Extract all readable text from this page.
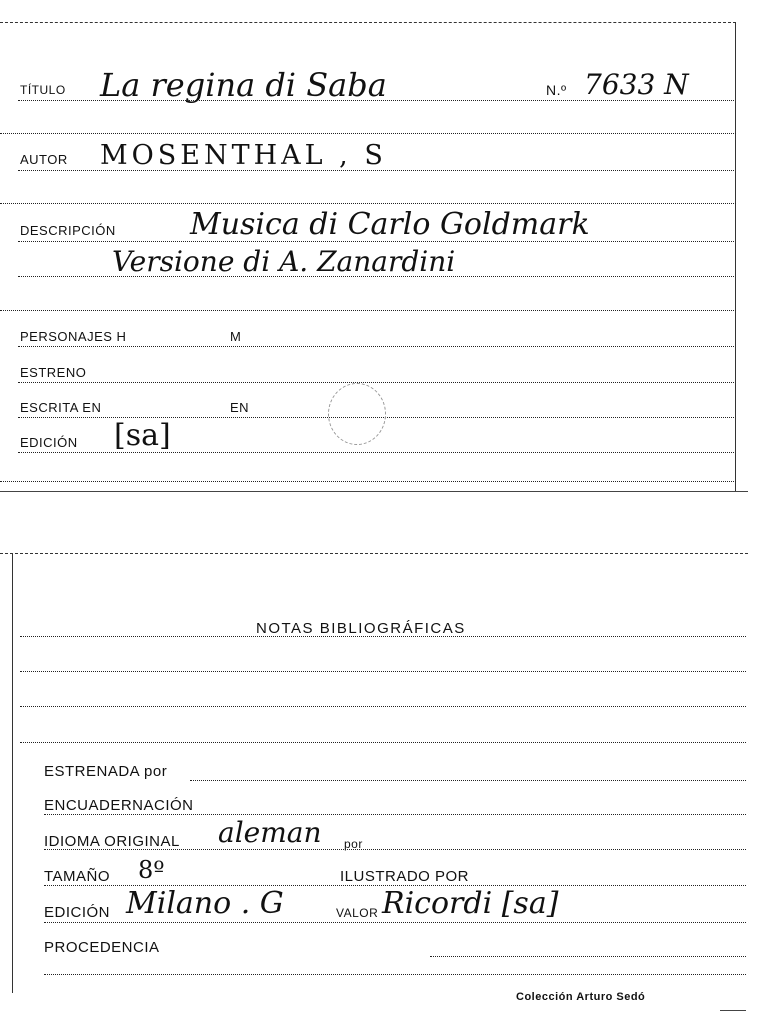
TÍTULO La regina di Saba	N.º 7633 N
AUTOR MOSENTHAL , S
DESCRIPCIÓN Musica di Carlo Goldmark
Versione di A. Zanardini
PERSONAJES H	M
ESTRENO
ESCRITA EN	EN
EDICIÓN [sa]
NOTAS BIBLIOGRÁFICAS
ESTRENADA por
ENCUADERNACIÓN
IDIOMA ORIGINAL aleman por
TAMAÑO 8º	ILUSTRADO POR
EDICIÓN Milano . G	VALOR Ricordi [sa]
PROCEDENCIA
Colección Arturo Sedó
